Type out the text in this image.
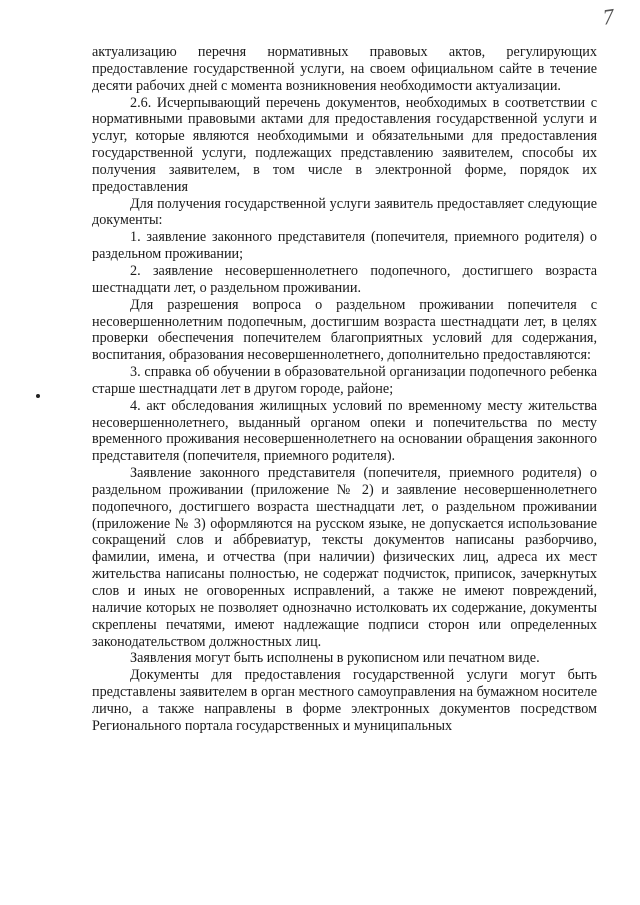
7

актуализацию перечня нормативных правовых актов, регулирующих предоставление государственной услуги, на своем официальном сайте в течение десяти рабочих дней с момента возникновения необходимости актуализации.

2.6. Исчерпывающий перечень документов, необходимых в соответствии с нормативными правовыми актами для предоставления государственной услуги и услуг, которые являются необходимыми и обязательными для предоставления государственной услуги, подлежащих представлению заявителем, способы их получения заявителем, в том числе в электронной форме, порядок их предоставления

Для получения государственной услуги заявитель предоставляет следующие документы:

1. заявление законного представителя (попечителя, приемного родителя) о раздельном проживании;

2. заявление несовершеннолетнего подопечного, достигшего возраста шестнадцати лет, о раздельном проживании.

Для разрешения вопроса о раздельном проживании попечителя с несовершеннолетним подопечным, достигшим возраста шестнадцати лет, в целях проверки обеспечения попечителем благоприятных условий для содержания, воспитания, образования несовершеннолетнего, дополнительно предоставляются:

3. справка об обучении в образовательной организации подопечного ребенка старше шестнадцати лет в другом городе, районе;

4. акт обследования жилищных условий по временному месту жительства несовершеннолетнего, выданный органом опеки и попечительства по месту временного проживания несовершеннолетнего на основании обращения законного представителя (попечителя, приемного родителя).

Заявление законного представителя (попечителя, приемного родителя) о раздельном проживании (приложение № 2) и заявление несовершеннолетнего подопечного, достигшего возраста шестнадцати лет, о раздельном проживании (приложение № 3) оформляются на русском языке, не допускается использование сокращений слов и аббревиатур, тексты документов написаны разборчиво, фамилии, имена, и отчества (при наличии) физических лиц, адреса их мест жительства написаны полностью, не содержат подчисток, приписок, зачеркнутых слов и иных не оговоренных исправлений, а также не имеют повреждений, наличие которых не позволяет однозначно истолковать их содержание, документы скреплены печатями, имеют надлежащие подписи сторон или определенных законодательством должностных лиц.

Заявления могут быть исполнены в рукописном или печатном виде.

Документы для предоставления государственной услуги могут быть представлены заявителем в орган местного самоуправления на бумажном носителе лично, а также направлены в форме электронных документов посредством Регионального портала государственных и муниципальных
